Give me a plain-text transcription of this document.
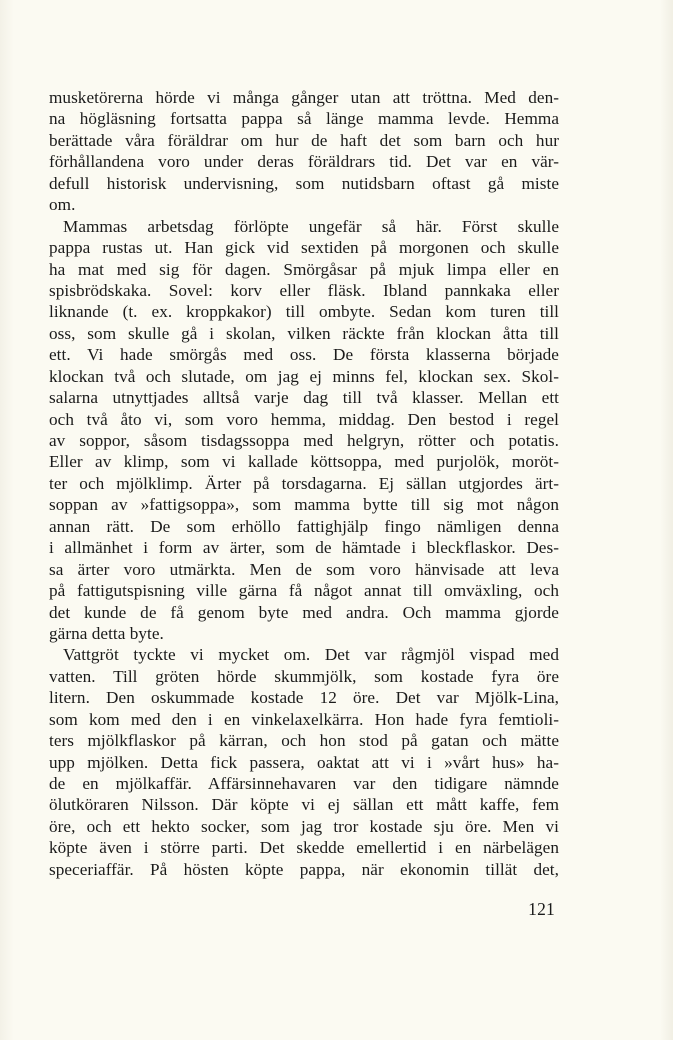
musketörerna hörde vi många gånger utan att tröttna. Med den-
na högläsning fortsatta pappa så länge mamma levde. Hemma
berättade våra föräldrar om hur de haft det som barn och hur
förhållandena voro under deras föräldrars tid. Det var en vär-
defull historisk undervisning, som nutidsbarn oftast gå miste
om.
Mammas arbetsdag förlöpte ungefär så här. Först skulle
pappa rustas ut. Han gick vid sextiden på morgonen och skulle
ha mat med sig för dagen. Smörgåsar på mjuk limpa eller en
spisbrödskaka. Sovel: korv eller fläsk. Ibland pannkaka eller
liknande (t. ex. kroppkakor) till ombyte. Sedan kom turen till
oss, som skulle gå i skolan, vilken räckte från klockan åtta till
ett. Vi hade smörgås med oss. De första klasserna började
klockan två och slutade, om jag ej minns fel, klockan sex. Skol-
salarna utnyttjades alltså varje dag till två klasser. Mellan ett
och två åto vi, som voro hemma, middag. Den bestod i regel
av soppor, såsom tisdagssoppa med helgryn, rötter och potatis.
Eller av klimp, som vi kallade köttsoppa, med purjolök, moröt-
ter och mjölklimp. Ärter på torsdagarna. Ej sällan utgjordes ärt-
soppan av »fattigsoppa», som mamma bytte till sig mot någon
annan rätt. De som erhöllo fattighjälp fingo nämligen denna
i allmänhet i form av ärter, som de hämtade i bleckflaskor. Des-
sa ärter voro utmärkta. Men de som voro hänvisade att leva
på fattigutspisning ville gärna få något annat till omväxling, och
det kunde de få genom byte med andra. Och mamma gjorde
gärna detta byte.
Vattgröt tyckte vi mycket om. Det var rågmjöl vispad med
vatten. Till gröten hörde skummjölk, som kostade fyra öre
litern. Den oskummade kostade 12 öre. Det var Mjölk-Lina,
som kom med den i en vinkelaxelkärra. Hon hade fyra femtioli-
ters mjölkflaskor på kärran, och hon stod på gatan och mätte
upp mjölken. Detta fick passera, oaktat att vi i »vårt hus» ha-
de en mjölkaffär. Affärsinnehavaren var den tidigare nämnde
ölutköraren Nilsson. Där köpte vi ej sällan ett mått kaffe, fem
öre, och ett hekto socker, som jag tror kostade sju öre. Men vi
köpte även i större parti. Det skedde emellertid i en närbelägen
speceriaffär. På hösten köpte pappa, när ekonomin tillät det,
121
